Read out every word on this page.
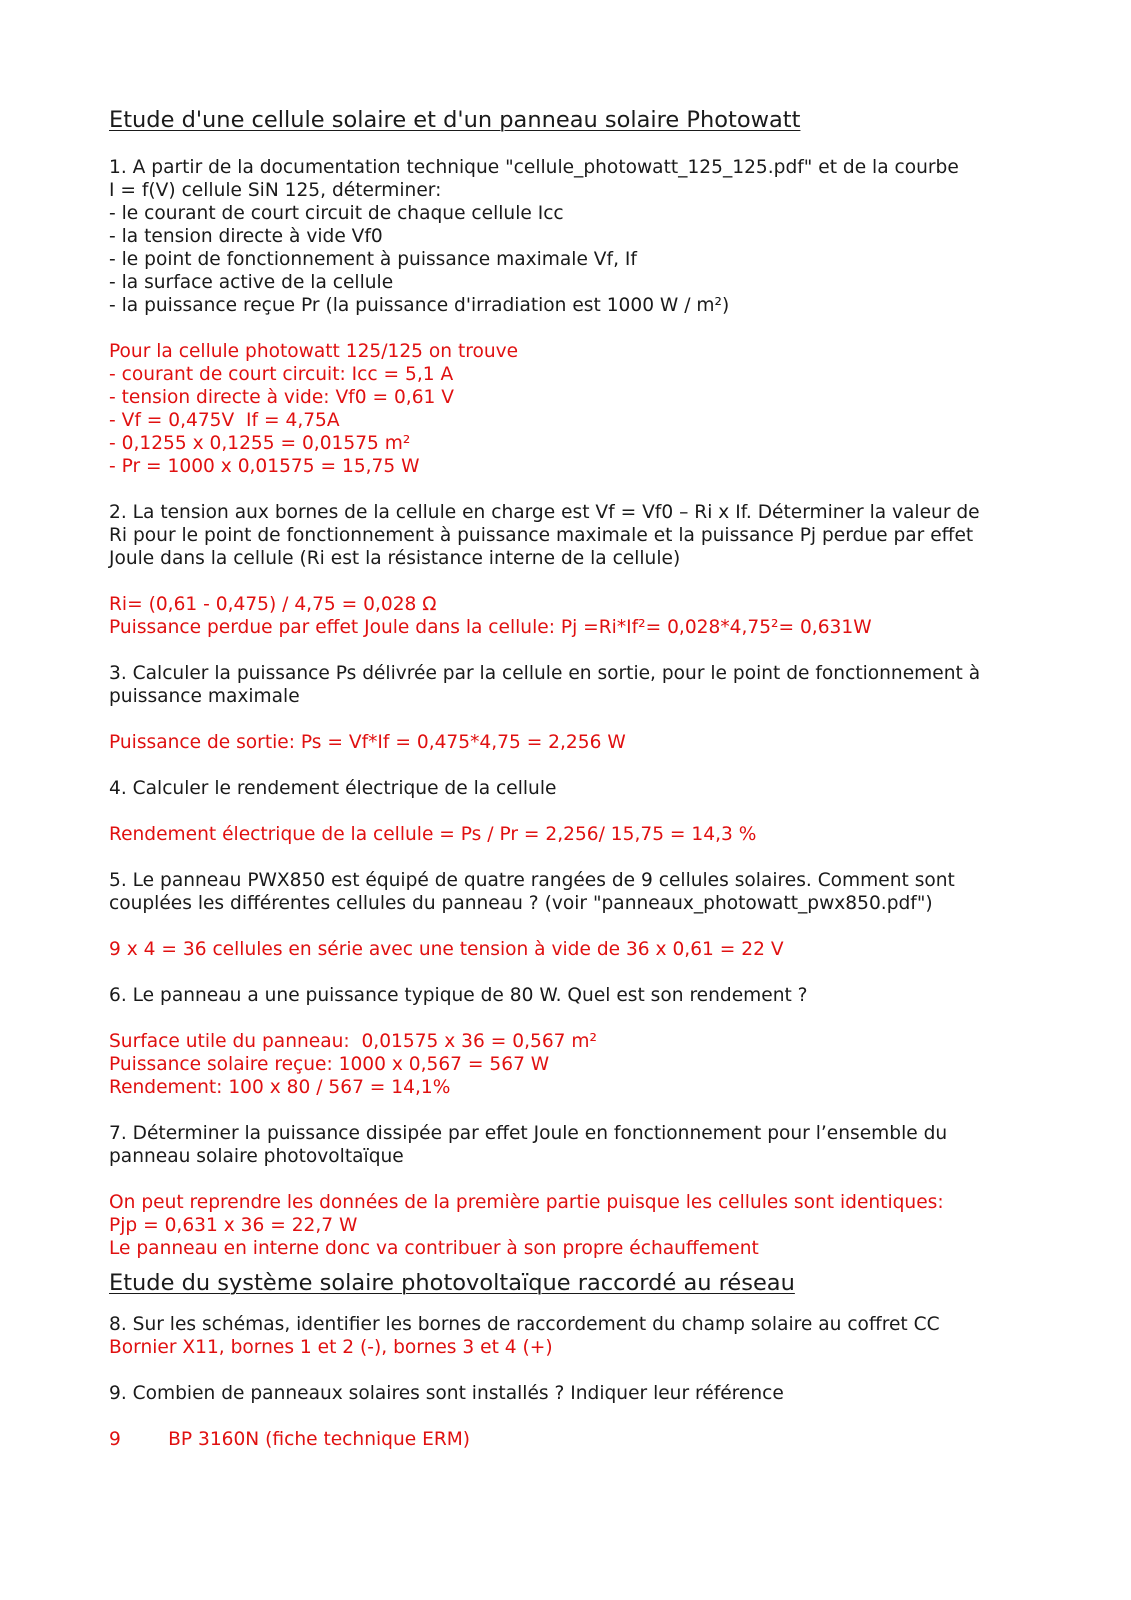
Etude d'une cellule solaire et d'un panneau solaire Photowatt

1. A partir de la documentation technique "cellule_photowatt_125_125.pdf" et de la courbe

I = f(V) cellule SiN 125, déterminer:

- le courant de court circuit de chaque cellule Icc

- la tension directe à vide Vf0

- le point de fonctionnement à puissance maximale Vf, If

- la surface active de la cellule

- la puissance reçue Pr (la puissance d'irradiation est 1000 W / m²)

Pour la cellule photowatt 125/125 on trouve

- courant de court circuit: Icc = 5,1 A

- tension directe à vide: Vf0 = 0,61 V

- Vf = 0,475V  If = 4,75A

- 0,1255 x 0,1255 = 0,01575 m²

- Pr = 1000 x 0,01575 = 15,75 W

2. La tension aux bornes de la cellule en charge est Vf = Vf0 – Ri x If. Déterminer la valeur de

Ri pour le point de fonctionnement à puissance maximale et la puissance Pj perdue par effet

Joule dans la cellule (Ri est la résistance interne de la cellule)

Ri= (0,61 - 0,475) / 4,75 = 0,028 Ω

Puissance perdue par effet Joule dans la cellule: Pj =Ri*If²= 0,028*4,75²= 0,631W

3. Calculer la puissance Ps délivrée par la cellule en sortie, pour le point de fonctionnement à

puissance maximale

Puissance de sortie: Ps = Vf*If = 0,475*4,75 = 2,256 W

4. Calculer le rendement électrique de la cellule

Rendement électrique de la cellule = Ps / Pr = 2,256/ 15,75 = 14,3 %

5. Le panneau PWX850 est équipé de quatre rangées de 9 cellules solaires. Comment sont

couplées les différentes cellules du panneau ? (voir "panneaux_photowatt_pwx850.pdf")

9 x 4 = 36 cellules en série avec une tension à vide de 36 x 0,61 = 22 V

6. Le panneau a une puissance typique de 80 W. Quel est son rendement ?

Surface utile du panneau:  0,01575 x 36 = 0,567 m²

Puissance solaire reçue: 1000 x 0,567 = 567 W

Rendement: 100 x 80 / 567 = 14,1%

7. Déterminer la puissance dissipée par effet Joule en fonctionnement pour l’ensemble du

panneau solaire photovoltaïque

On peut reprendre les données de la première partie puisque les cellules sont identiques:

Pjp = 0,631 x 36 = 22,7 W

Le panneau en interne donc va contribuer à son propre échauffement

Etude du système solaire photovoltaïque raccordé au réseau

8. Sur les schémas, identifier les bornes de raccordement du champ solaire au coffret CC

Bornier X11, bornes 1 et 2 (-), bornes 3 et 4 (+)

9. Combien de panneaux solaires sont installés ? Indiquer leur référence

9        BP 3160N (fiche technique ERM)
